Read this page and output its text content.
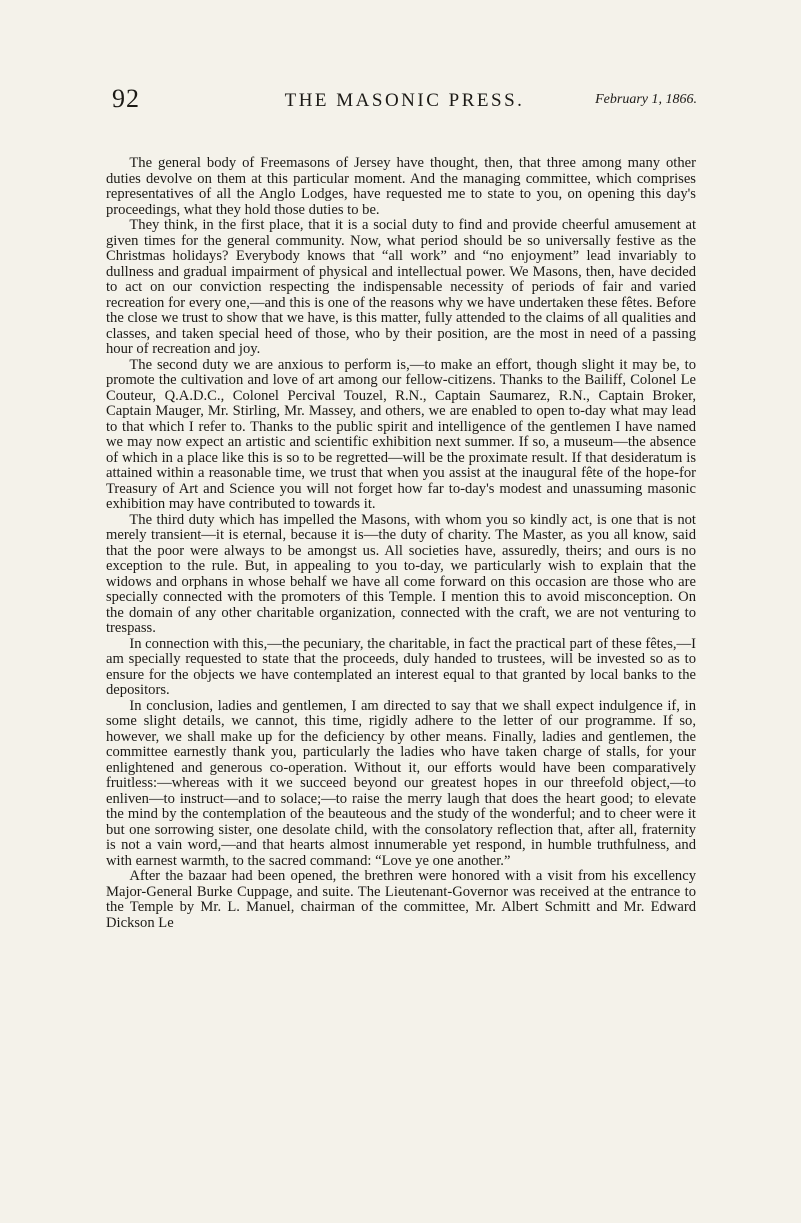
92	THE MASONIC PRESS.	February 1, 1866.

The general body of Freemasons of Jersey have thought, then, that three among many other duties devolve on them at this particular moment. And the managing committee, which comprises representatives of all the Anglo Lodges, have requested me to state to you, on opening this day's proceedings, what they hold those duties to be.

They think, in the first place, that it is a social duty to find and provide cheerful amusement at given times for the general community. Now, what period should be so universally festive as the Christmas holidays? Everybody knows that “all work” and “no enjoyment” lead invariably to dullness and gradual impairment of physical and intellectual power. We Masons, then, have decided to act on our conviction respecting the indispensable necessity of periods of fair and varied recreation for every one,—and this is one of the reasons why we have undertaken these fêtes. Before the close we trust to show that we have, is this matter, fully attended to the claims of all qualities and classes, and taken special heed of those, who by their position, are the most in need of a passing hour of recreation and joy.

The second duty we are anxious to perform is,—to make an effort, though slight it may be, to promote the cultivation and love of art among our fellow-citizens. Thanks to the Bailiff, Colonel Le Couteur, Q.A.D.C., Colonel Percival Touzel, R.N., Captain Saumarez, R.N., Captain Broker, Captain Mauger, Mr. Stirling, Mr. Massey, and others, we are enabled to open to-day what may lead to that which I refer to. Thanks to the public spirit and intelligence of the gentlemen I have named we may now expect an artistic and scientific exhibition next summer. If so, a museum—the absence of which in a place like this is so to be regretted—will be the proximate result. If that desideratum is attained within a reasonable time, we trust that when you assist at the inaugural fête of the hope-for Treasury of Art and Science you will not forget how far to-day's modest and unassuming masonic exhibition may have contributed to towards it.

The third duty which has impelled the Masons, with whom you so kindly act, is one that is not merely transient—it is eternal, because it is—the duty of charity. The Master, as you all know, said that the poor were always to be amongst us. All societies have, assuredly, theirs; and ours is no exception to the rule. But, in appealing to you to-day, we particularly wish to explain that the widows and orphans in whose behalf we have all come forward on this occasion are those who are specially connected with the promoters of this Temple. I mention this to avoid misconception. On the domain of any other charitable organization, connected with the craft, we are not venturing to trespass.

In connection with this,—the pecuniary, the charitable, in fact the practical part of these fêtes,—I am specially requested to state that the proceeds, duly handed to trustees, will be invested so as to ensure for the objects we have contemplated an interest equal to that granted by local banks to the depositors.

In conclusion, ladies and gentlemen, I am directed to say that we shall expect indulgence if, in some slight details, we cannot, this time, rigidly adhere to the letter of our programme. If so, however, we shall make up for the deficiency by other means. Finally, ladies and gentlemen, the committee earnestly thank you, particularly the ladies who have taken charge of stalls, for your enlightened and generous co-operation. Without it, our efforts would have been comparatively fruitless:—whereas with it we succeed beyond our greatest hopes in our threefold object,—to enliven—to instruct—and to solace;—to raise the merry laugh that does the heart good; to elevate the mind by the contemplation of the beauteous and the study of the wonderful; and to cheer were it but one sorrowing sister, one desolate child, with the consolatory reflection that, after all, fraternity is not a vain word,—and that hearts almost innumerable yet respond, in humble truthfulness, and with earnest warmth, to the sacred command: “Love ye one another.”

After the bazaar had been opened, the brethren were honored with a visit from his excellency Major-General Burke Cuppage, and suite. The Lieutenant-Governor was received at the entrance to the Temple by Mr. L. Manuel, chairman of the committee, Mr. Albert Schmitt and Mr. Edward Dickson Le
